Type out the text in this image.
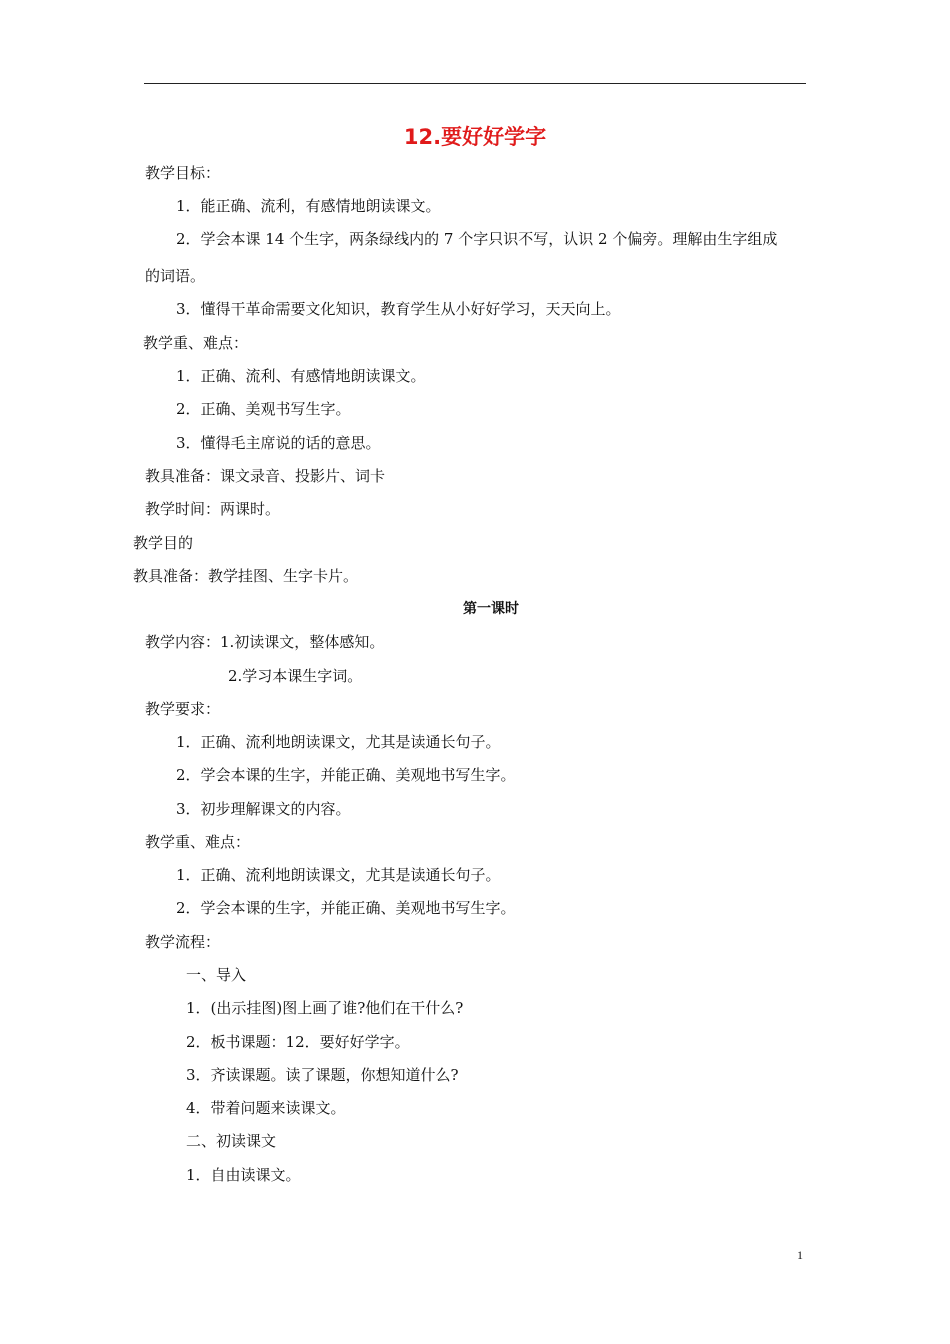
12.要好好学字
教学目标：
1．能正确、流利，有感情地朗读课文。
2．学会本课 14 个生字，两条绿线内的 7 个字只识不写，认识 2 个偏旁。理解由生字组成
的词语。
3．懂得干革命需要文化知识，教育学生从小好好学习，天天向上。
教学重、难点：
1．正确、流利、有感情地朗读课文。
2．正确、美观书写生字。
3．懂得毛主席说的话的意思。
教具准备：课文录音、投影片、词卡
教学时间：两课时。
教学目的
教具准备：教学挂图、生字卡片。
第一课时
教学内容：1.初读课文，整体感知。
2.学习本课生字词。
教学要求：
1．正确、流利地朗读课文，尤其是读通长句子。
2．学会本课的生字，并能正确、美观地书写生字。
3．初步理解课文的内容。
教学重、难点：
1．正确、流利地朗读课文，尤其是读通长句子。
2．学会本课的生字，并能正确、美观地书写生字。
教学流程：
一、导入
1．(出示挂图)图上画了谁?他们在干什么?
2．板书课题：12．要好好学字。
3．齐读课题。读了课题，你想知道什么?
4．带着问题来读课文。
二、初读课文
1．自由读课文。
1
